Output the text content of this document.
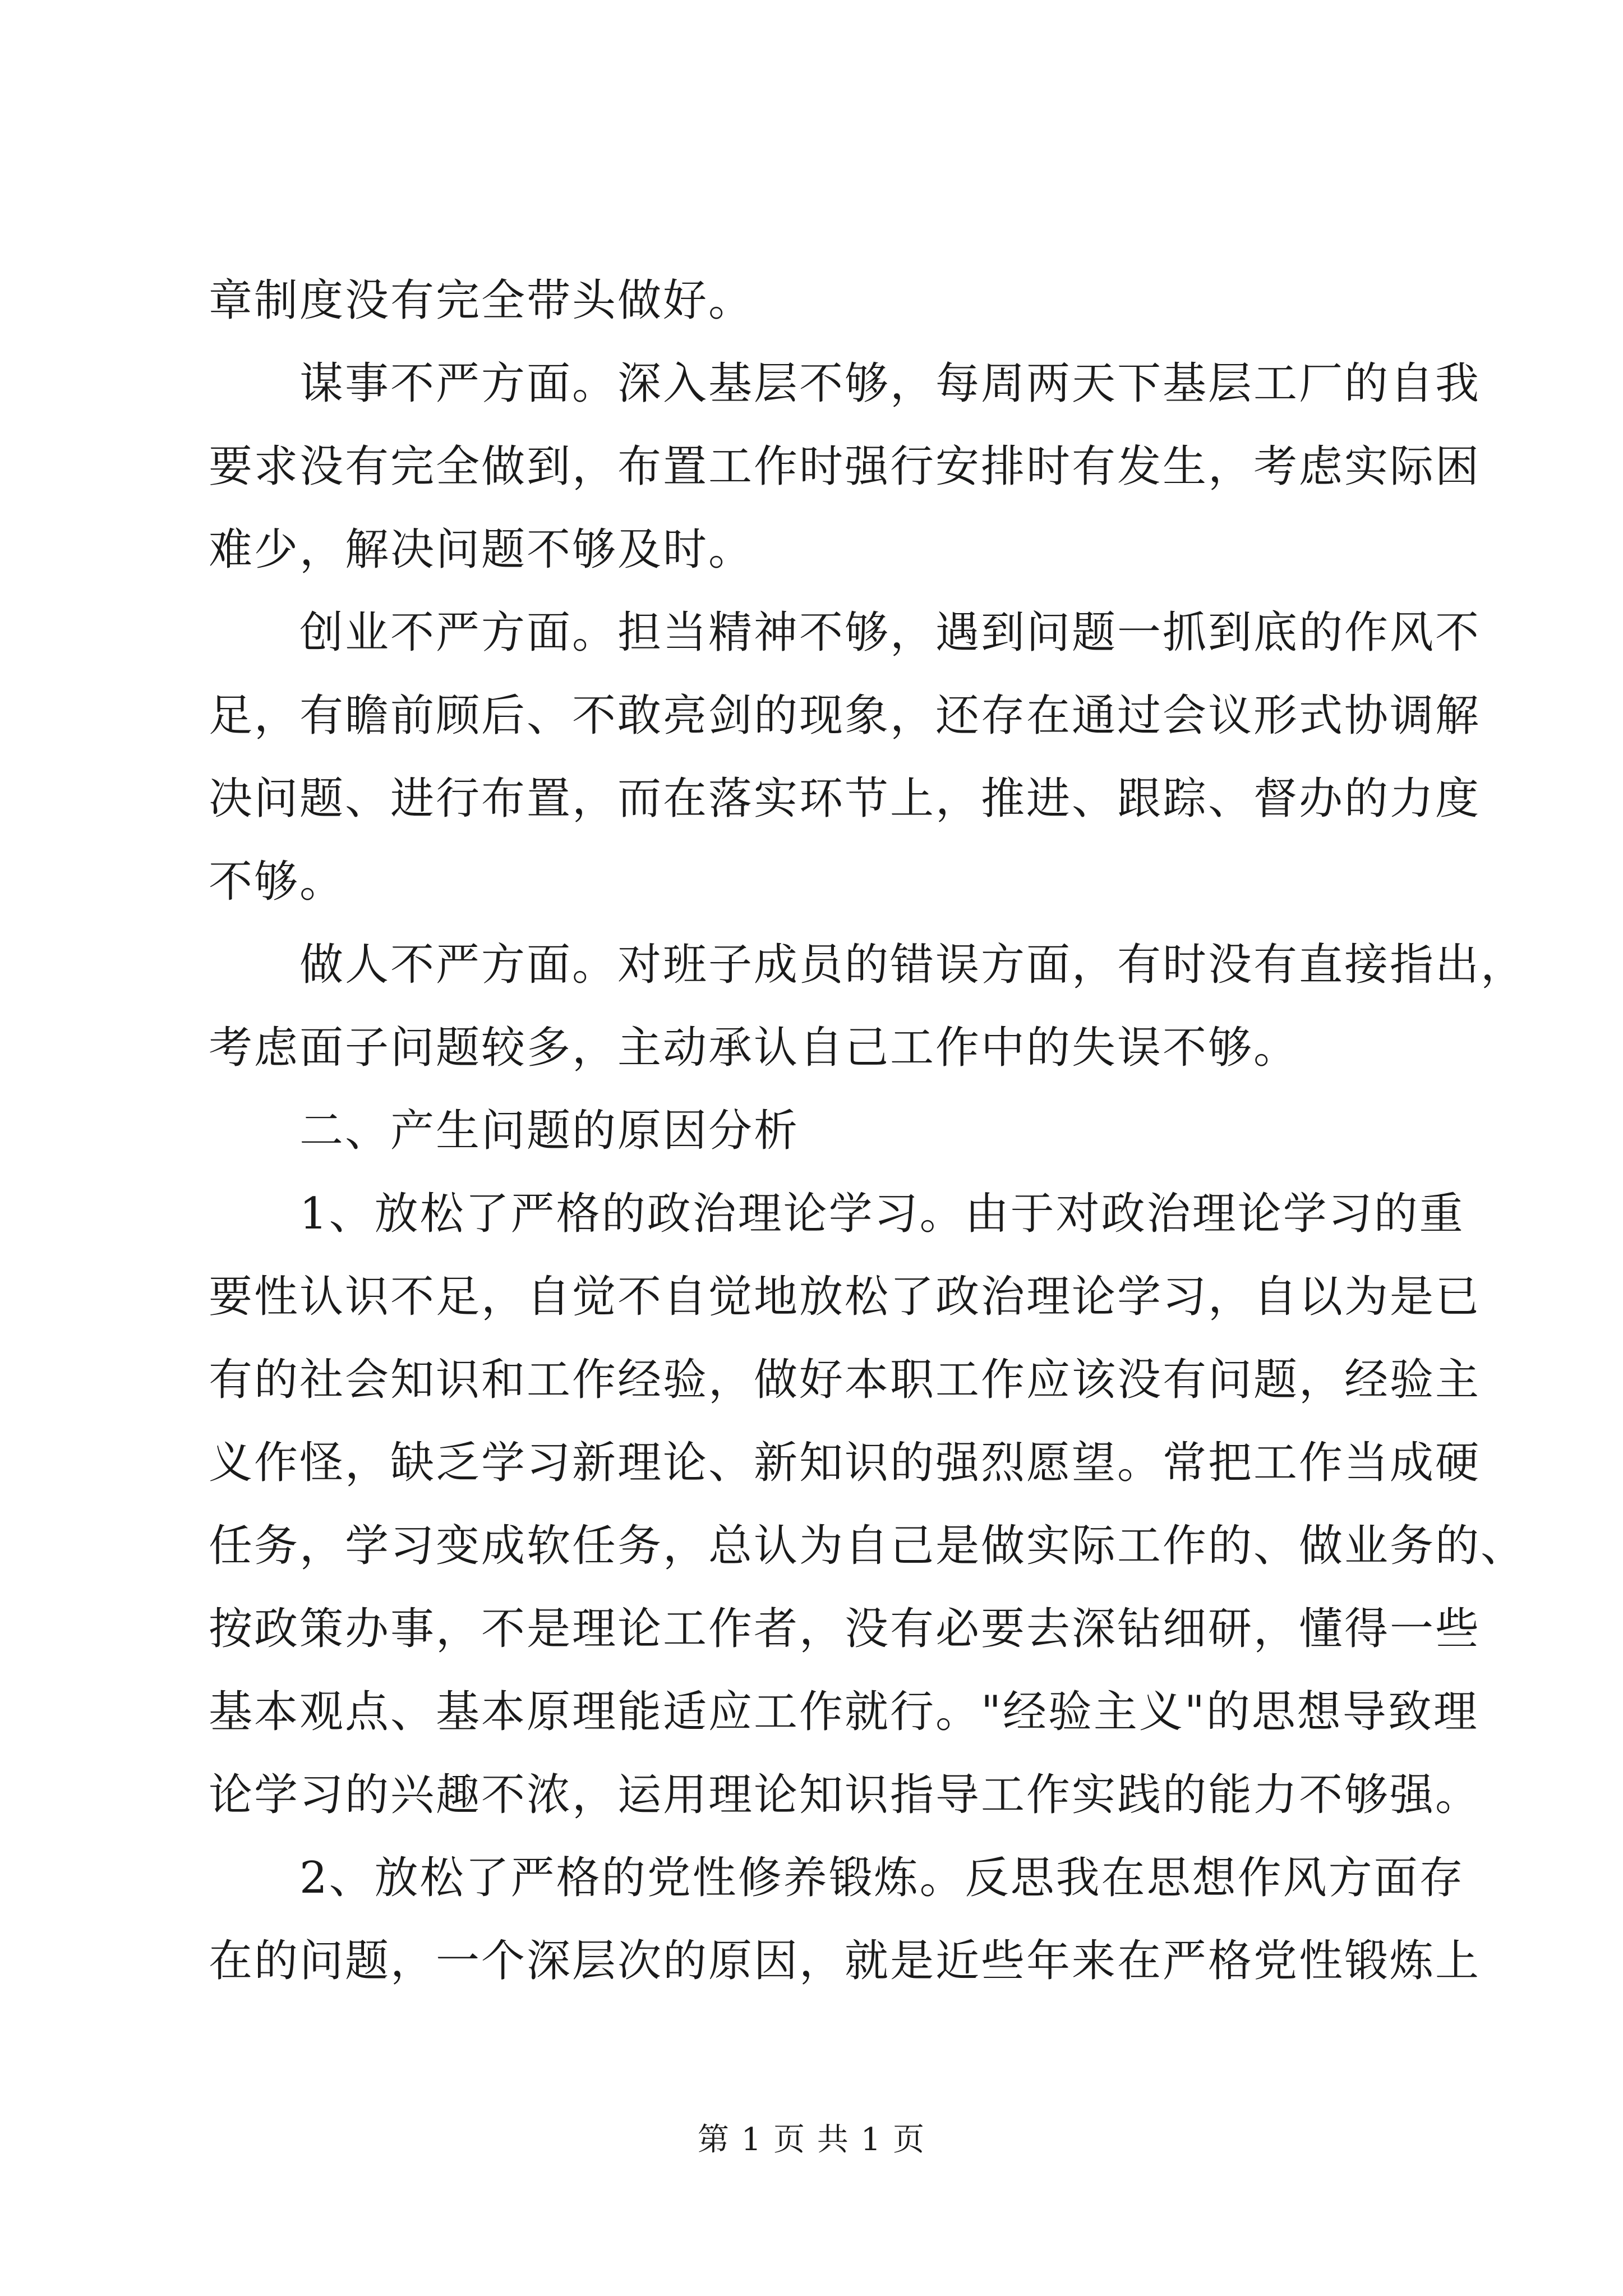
章制度没有完全带头做好。
　　谋事不严方面。深入基层不够，每周两天下基层工厂的自我
要求没有完全做到，布置工作时强行安排时有发生，考虑实际困
难少，解决问题不够及时。
　　创业不严方面。担当精神不够，遇到问题一抓到底的作风不
足，有瞻前顾后、不敢亮剑的现象，还存在通过会议形式协调解
决问题、进行布置，而在落实环节上，推进、跟踪、督办的力度
不够。
　　做人不严方面。对班子成员的错误方面，有时没有直接指出，
考虑面子问题较多，主动承认自己工作中的失误不够。
　　二、产生问题的原因分析
　　1、放松了严格的政治理论学习。由于对政治理论学习的重
要性认识不足，自觉不自觉地放松了政治理论学习，自以为是已
有的社会知识和工作经验，做好本职工作应该没有问题，经验主
义作怪，缺乏学习新理论、新知识的强烈愿望。常把工作当成硬
任务，学习变成软任务，总认为自己是做实际工作的、做业务的、
按政策办事，不是理论工作者，没有必要去深钻细研，懂得一些
基本观点、基本原理能适应工作就行。"经验主义"的思想导致理
论学习的兴趣不浓，运用理论知识指导工作实践的能力不够强。
　　2、放松了严格的党性修养锻炼。反思我在思想作风方面存
在的问题，一个深层次的原因，就是近些年来在严格党性锻炼上
第 1 页 共 1 页
